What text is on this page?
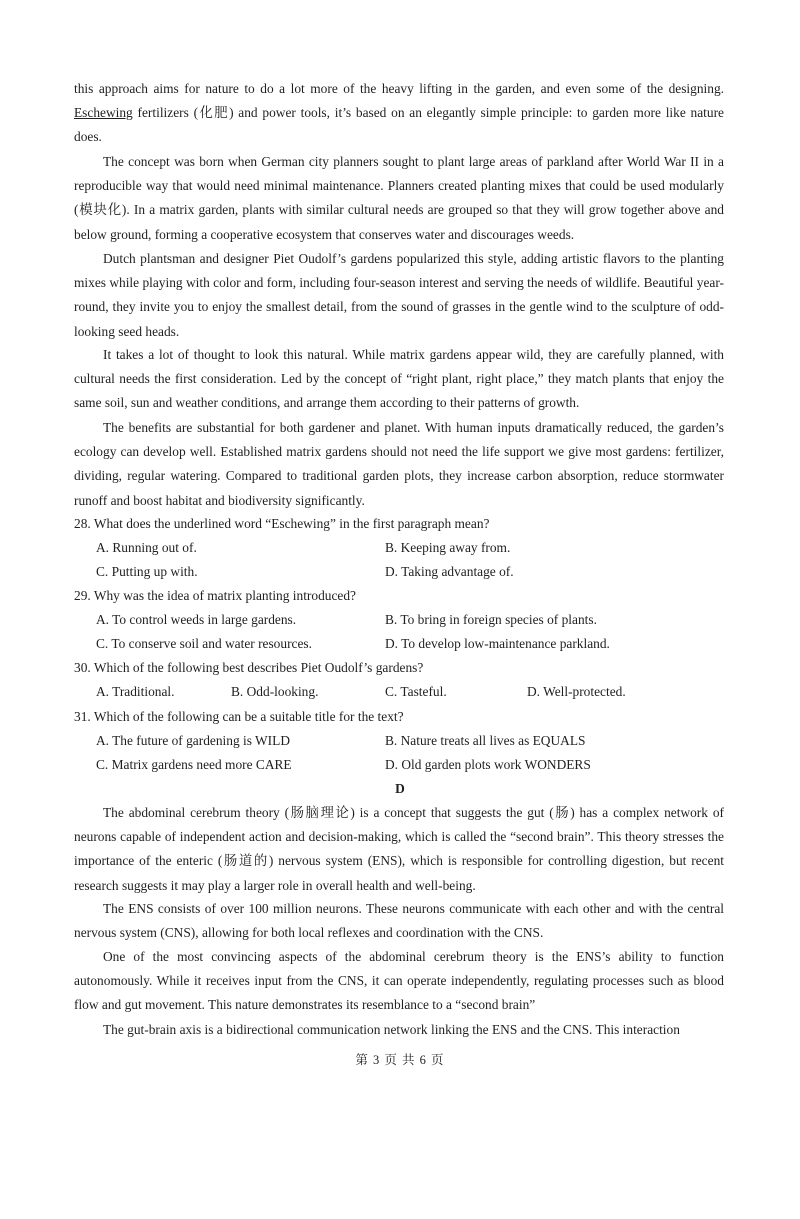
this approach aims for nature to do a lot more of the heavy lifting in the garden, and even some of the designing. Eschewing fertilizers (化肥) and power tools, it’s based on an elegantly simple principle: to garden more like nature does.

The concept was born when German city planners sought to plant large areas of parkland after World War II in a reproducible way that would need minimal maintenance. Planners created planting mixes that could be used modularly (模块化). In a matrix garden, plants with similar cultural needs are grouped so that they will grow together above and below ground, forming a cooperative ecosystem that conserves water and discourages weeds.

Dutch plantsman and designer Piet Oudolf’s gardens popularized this style, adding artistic flavors to the planting mixes while playing with color and form, including four-season interest and serving the needs of wildlife. Beautiful year-round, they invite you to enjoy the smallest detail, from the sound of grasses in the gentle wind to the sculpture of odd-looking seed heads.

It takes a lot of thought to look this natural. While matrix gardens appear wild, they are carefully planned, with cultural needs the first consideration. Led by the concept of “right plant, right place,” they match plants that enjoy the same soil, sun and weather conditions, and arrange them according to their patterns of growth.

The benefits are substantial for both gardener and planet. With human inputs dramatically reduced, the garden’s ecology can develop well. Established matrix gardens should not need the life support we give most gardens: fertilizer, dividing, regular watering. Compared to traditional garden plots, they increase carbon absorption, reduce stormwater runoff and boost habitat and biodiversity significantly.

28. What does the underlined word “Eschewing” in the first paragraph mean?

A. Running out of.	B. Keeping away from.
C. Putting up with.	D. Taking advantage of.

29. Why was the idea of matrix planting introduced?

A. To control weeds in large gardens.	B. To bring in foreign species of plants.
C. To conserve soil and water resources.	D. To develop low-maintenance parkland.

30. Which of the following best describes Piet Oudolf’s gardens?

A. Traditional.	B. Odd-looking.	C. Tasteful.	D. Well-protected.

31. Which of the following can be a suitable title for the text?

A. The future of gardening is WILD	B. Nature treats all lives as EQUALS
C. Matrix gardens need more CARE	D. Old garden plots work WONDERS
D

The abdominal cerebrum theory (肠脑理论) is a concept that suggests the gut (肠) has a complex network of neurons capable of independent action and decision-making, which is called the “second brain”. This theory stresses the importance of the enteric (肠道的) nervous system (ENS), which is responsible for controlling digestion, but recent research suggests it may play a larger role in overall health and well-being.

The ENS consists of over 100 million neurons. These neurons communicate with each other and with the central nervous system (CNS), allowing for both local reflexes and coordination with the CNS.

One of the most convincing aspects of the abdominal cerebrum theory is the ENS’s ability to function autonomously. While it receives input from the CNS, it can operate independently, regulating processes such as blood flow and gut movement. This nature demonstrates its resemblance to a “second brain”

The gut-brain axis is a bidirectional communication network linking the ENS and the CNS. This interaction

第 3 页 共 6 页
